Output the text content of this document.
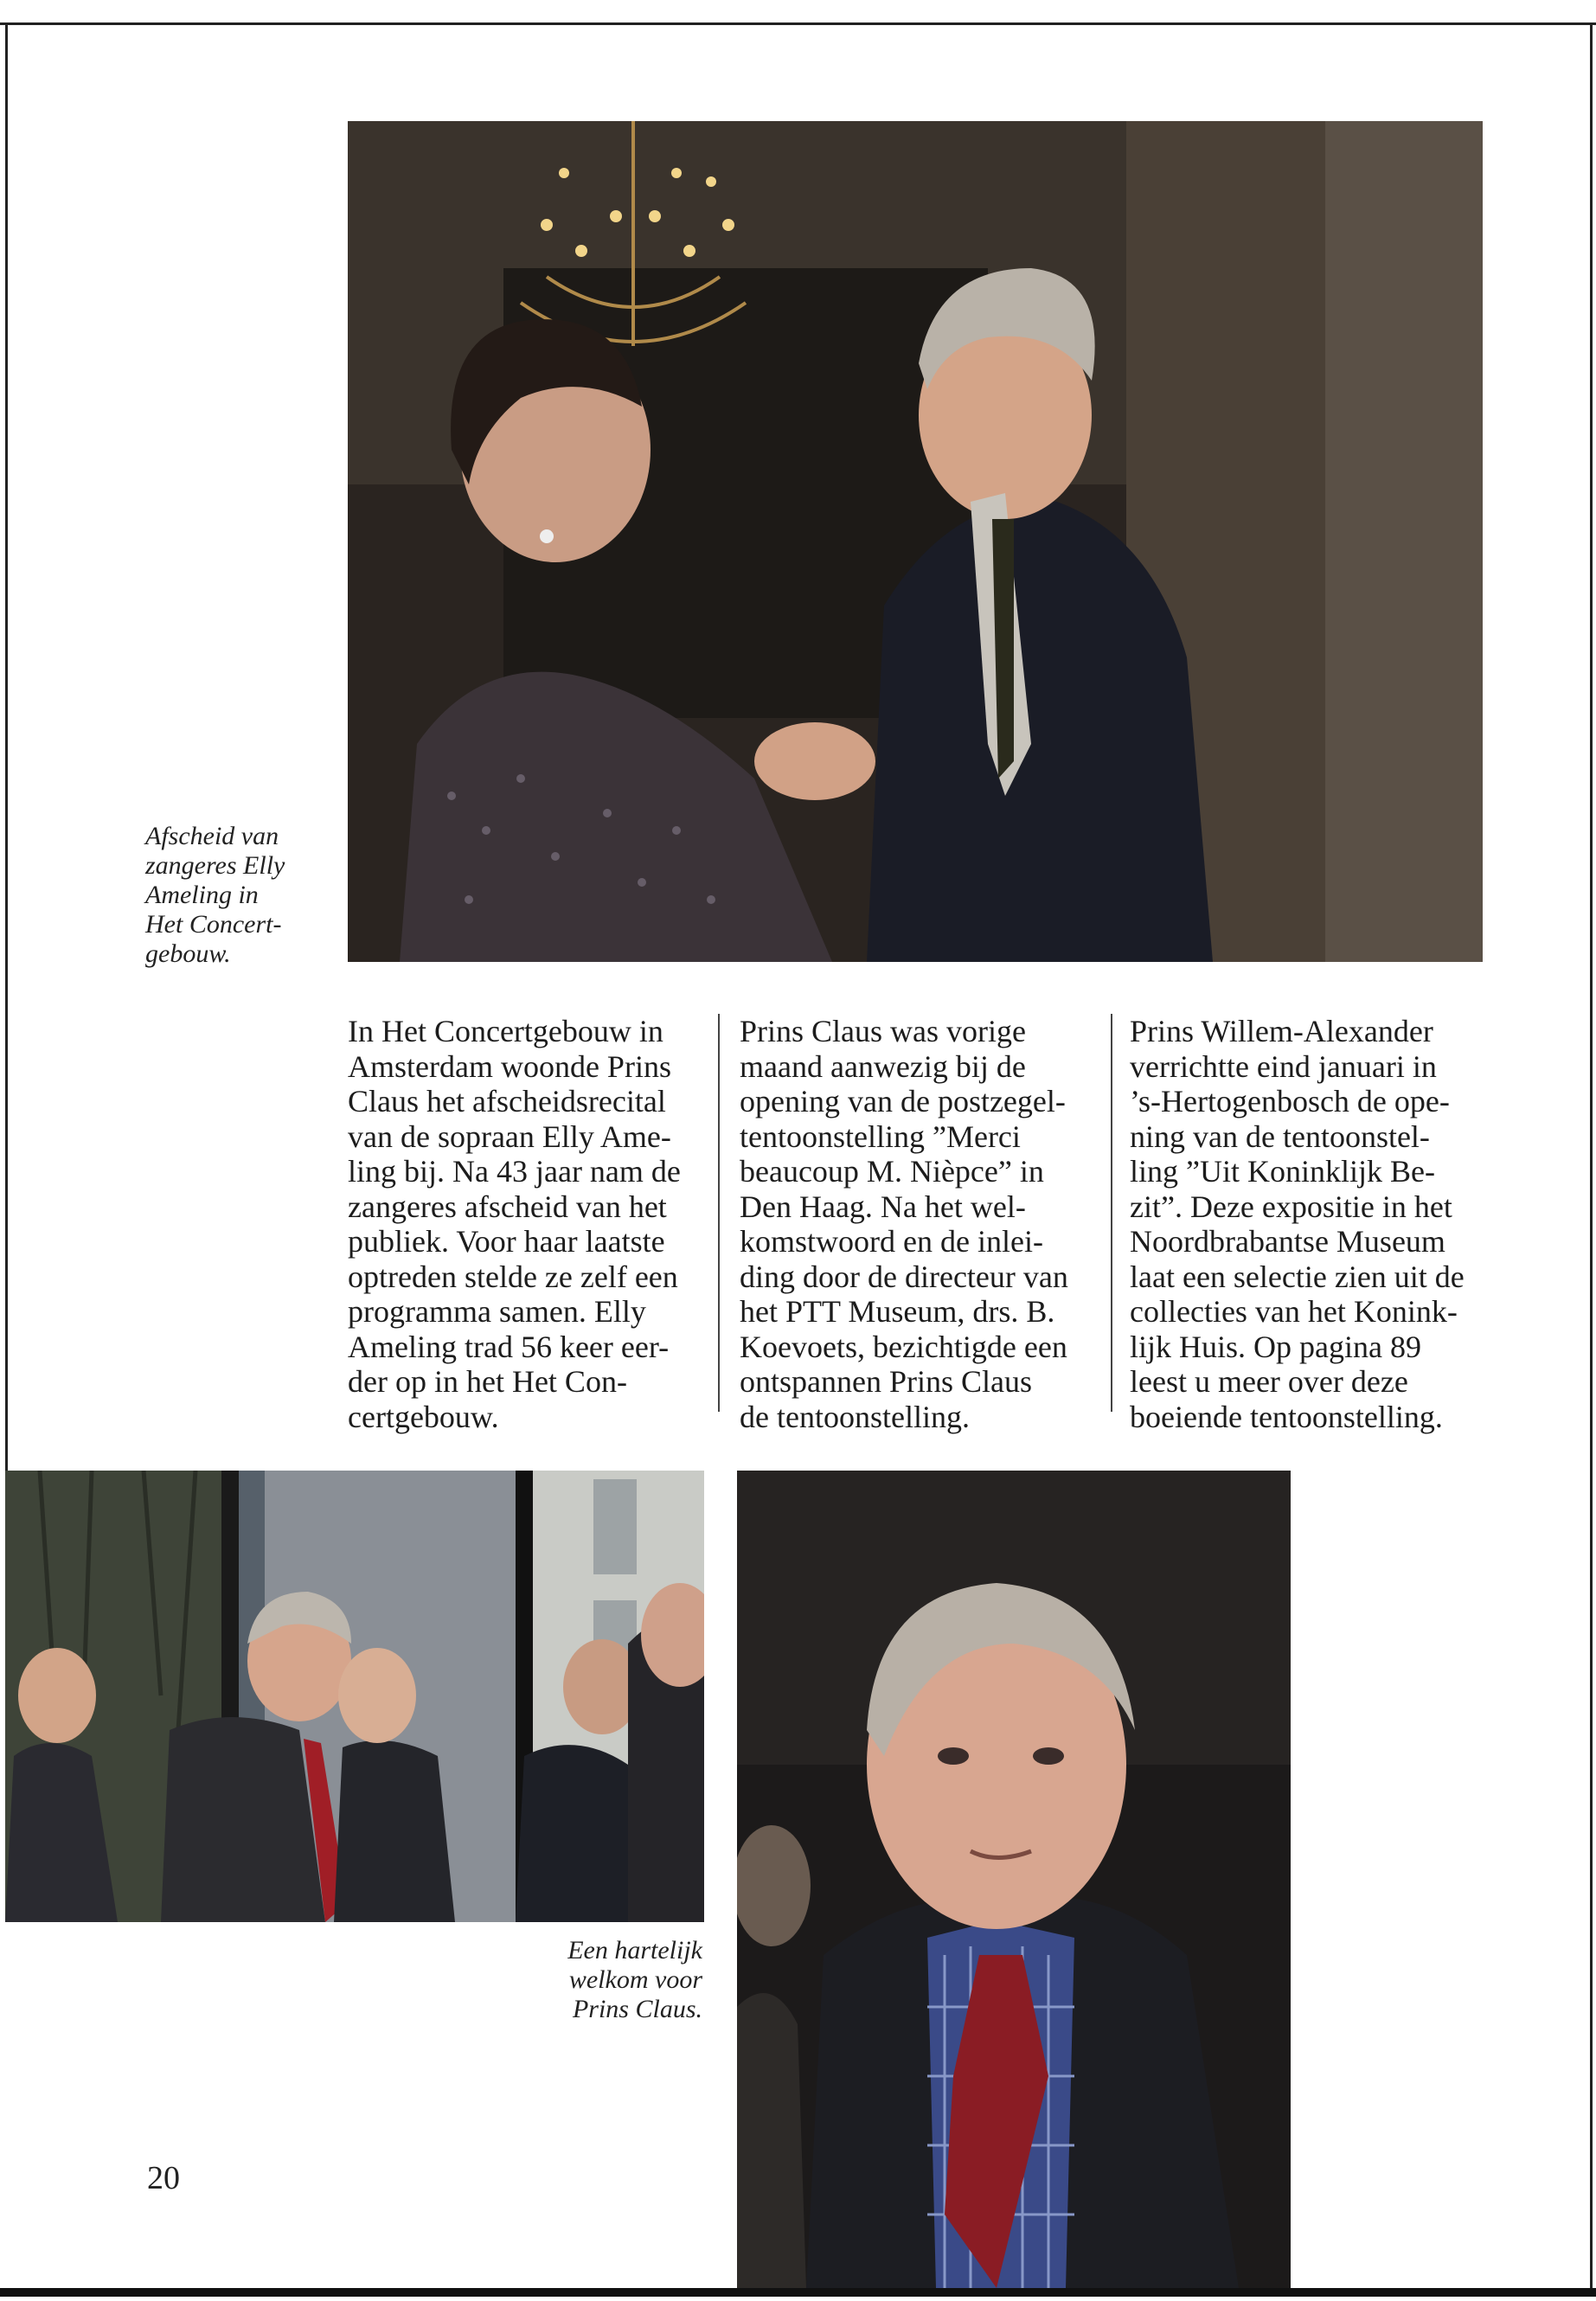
Afscheid van
zangeres Elly
Ameling in
Het Concert-
gebouw.
In Het Concertgebouw in
Amsterdam woonde Prins
Claus het afscheidsrecital
van de sopraan Elly Ame-
ling bij. Na 43 jaar nam de
zangeres afscheid van het
publiek. Voor haar laatste
optreden stelde ze zelf een
programma samen. Elly
Ameling trad 56 keer eer-
der op in het Het Con-
certgebouw.
Prins Claus was vorige
maand aanwezig bij de
opening van de postzegel-
tentoonstelling ”Merci
beaucoup M. Nièpce” in
Den Haag. Na het wel-
komstwoord en de inlei-
ding door de directeur van
het PTT Museum, drs. B.
Koevoets, bezichtigde een
ontspannen Prins Claus
de tentoonstelling.
Prins Willem-Alexander
verrichtte eind januari in
’s-Hertogenbosch de ope-
ning van de tentoonstel-
ling ”Uit Koninklijk Be-
zit”. Deze expositie in het
Noordbrabantse Museum
laat een selectie zien uit de
collecties van het Konink-
lijk Huis. Op pagina 89
leest u meer over deze
boeiende tentoonstelling.
Een hartelijk
welkom voor
Prins Claus.
20
